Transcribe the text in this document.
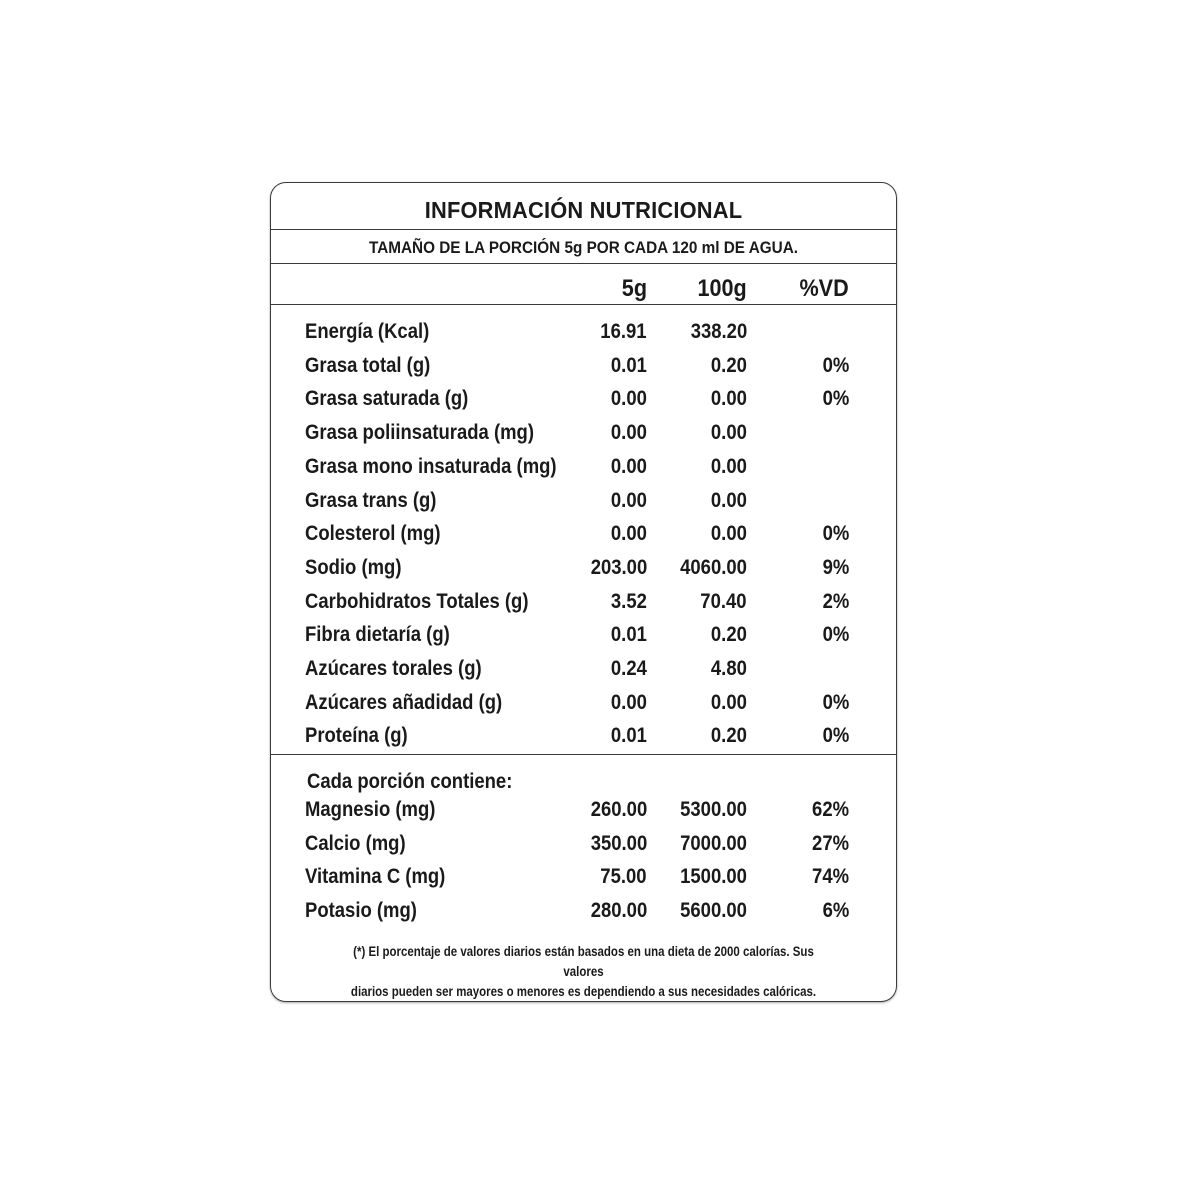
INFORMACIÓN NUTRICIONAL
TAMAÑO DE LA PORCIÓN 5g POR CADA 120 ml DE AGUA.
5g 100g %VD
Energía (Kcal)	16.91 338.20
Grasa total (g)	0.01	0.20	0%
Grasa saturada (g)	0.00	0.00	0%
Grasa poliinsaturada (mg)	0.00	0.00
Grasa mono insaturada (mg)	0.00	0.00
Grasa trans (g)	0.00	0.00
Colesterol (mg)	0.00	0.00	0%
Sodio (mg)	203.00 4060.00	9%
Carbohidratos Totales (g)	3.52	70.40	2%
Fibra dietaría (g)	0.01	0.20	0%
Azúcares torales (g)	0.24	4.80
Azúcares añadidad (g)	0.00	0.00	0%
Proteína (g)	0.01	0.20	0%
Cada porción contiene:
Magnesio (mg)	260.00 5300.00	62%
Calcio (mg)	350.00 7000.00	27%
Vitamina C (mg)	75.00 1500.00	74%
Potasio (mg)	280.00 5600.00	6%
(*) El porcentaje de valores diarios están basados en una dieta de 2000 calorías. Sus valores
diarios pueden ser mayores o menores es dependiendo a sus necesidades calóricas.
